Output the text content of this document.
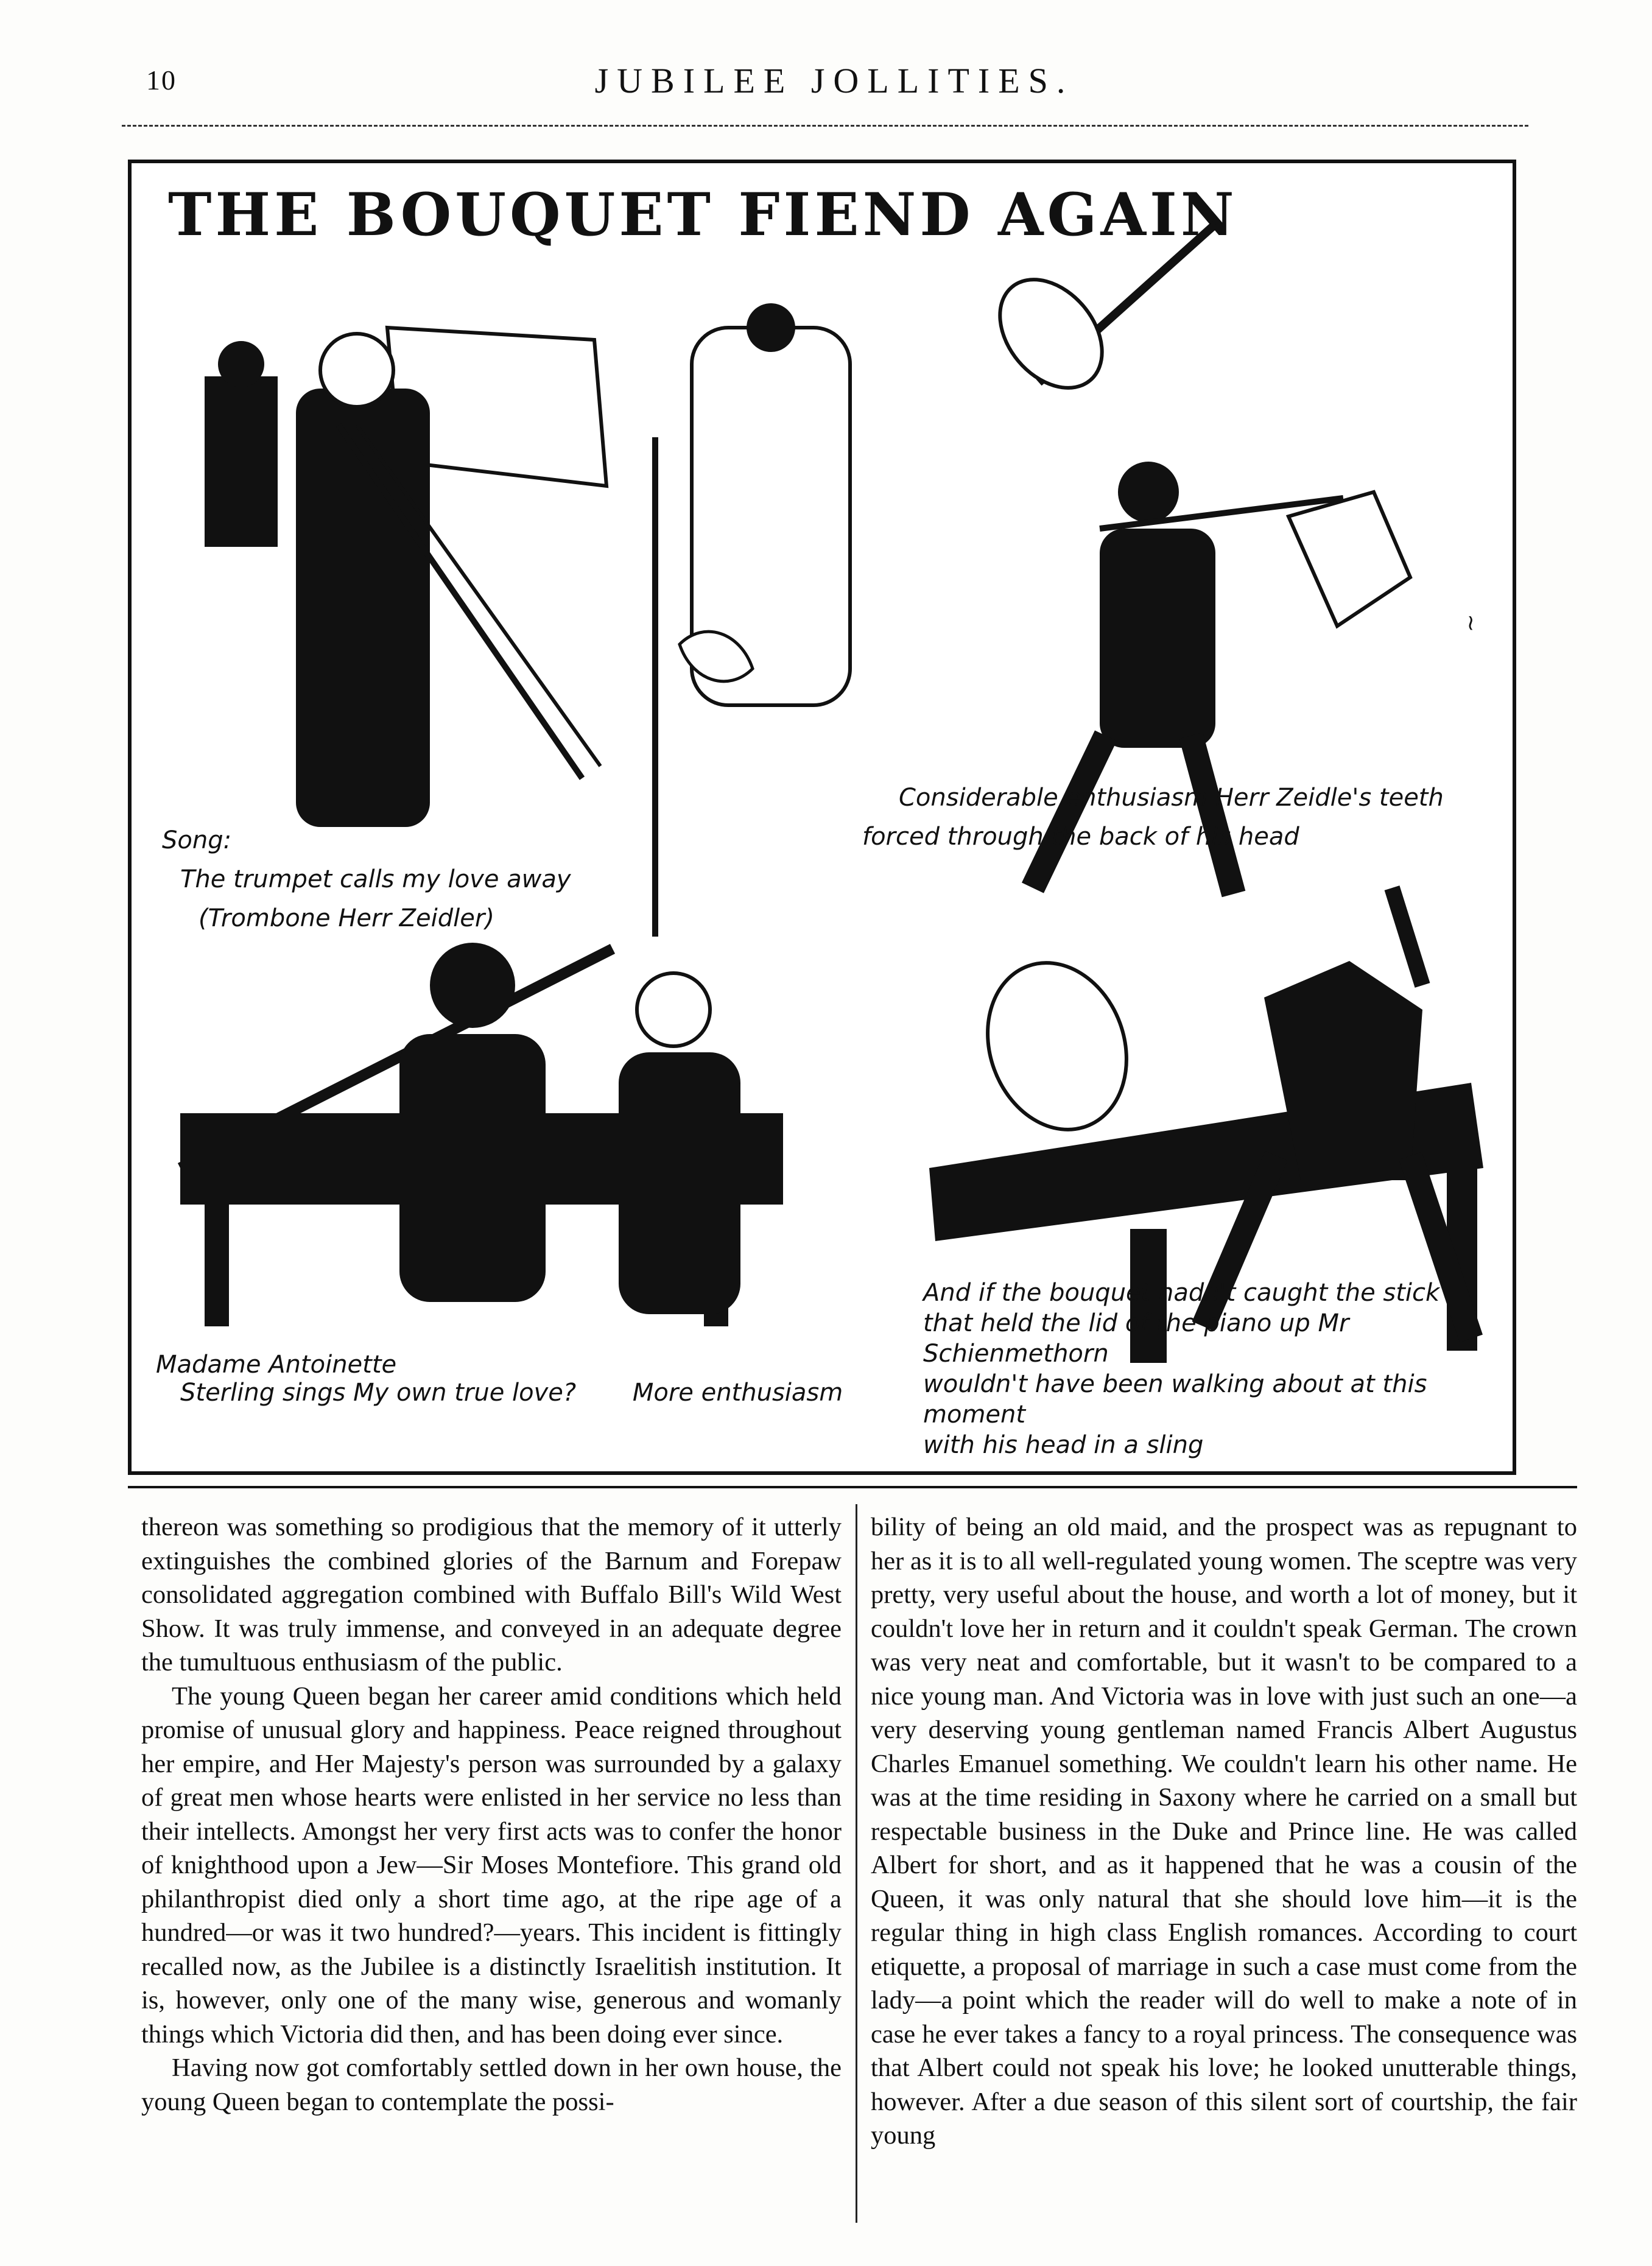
10	JUBILEE JOLLITIES.
THE BOUQUET FIEND AGAIN
~
Song:
The trumpet calls my love away
(Trombone Herr Zeidler)
Considerable enthusiasm Herr Zeidle's teeth
forced through the back of his head
Madame Antoinette
Sterling sings My own true love? More enthusiasm
And if the bouquet hadn't caught the stick
that held the lid of the piano up Mr Schienmethorn
wouldn't have been walking about at this moment
with his head in a sling

thereon was something so prodigious that the memory of it utterly extinguishes the combined glories of the Barnum and Forepaw consolidated aggregation combined with Buffalo Bill's Wild West Show. It was truly immense, and conveyed in an adequate degree the tumultuous enthusiasm of the public.

The young Queen began her career amid conditions which held promise of unusual glory and happiness. Peace reigned throughout her empire, and Her Majesty's person was surrounded by a galaxy of great men whose hearts were enlisted in her service no less than their intellects. Amongst her very first acts was to confer the honor of knighthood upon a Jew—Sir Moses Montefiore. This grand old philanthropist died only a short time ago, at the ripe age of a hundred—or was it two hundred?—years. This incident is fittingly recalled now, as the Jubilee is a distinctly Israelitish institution. It is, however, only one of the many wise, generous and womanly things which Victoria did then, and has been doing ever since.

Having now got comfortably settled down in her own house, the young Queen began to contemplate the possi-

bility of being an old maid, and the prospect was as repugnant to her as it is to all well-regulated young women. The sceptre was very pretty, very useful about the house, and worth a lot of money, but it couldn't love her in return and it couldn't speak German. The crown was very neat and comfortable, but it wasn't to be compared to a nice young man. And Victoria was in love with just such an one—a very deserving young gentleman named Francis Albert Augustus Charles Emanuel something. We couldn't learn his other name. He was at the time residing in Saxony where he carried on a small but respectable business in the Duke and Prince line. He was called Albert for short, and as it happened that he was a cousin of the Queen, it was only natural that she should love him—it is the regular thing in high class English romances. According to court etiquette, a proposal of marriage in such a case must come from the lady—a point which the reader will do well to make a note of in case he ever takes a fancy to a royal princess. The consequence was that Albert could not speak his love; he looked unutterable things, however. After a due season of this silent sort of courtship, the fair young
